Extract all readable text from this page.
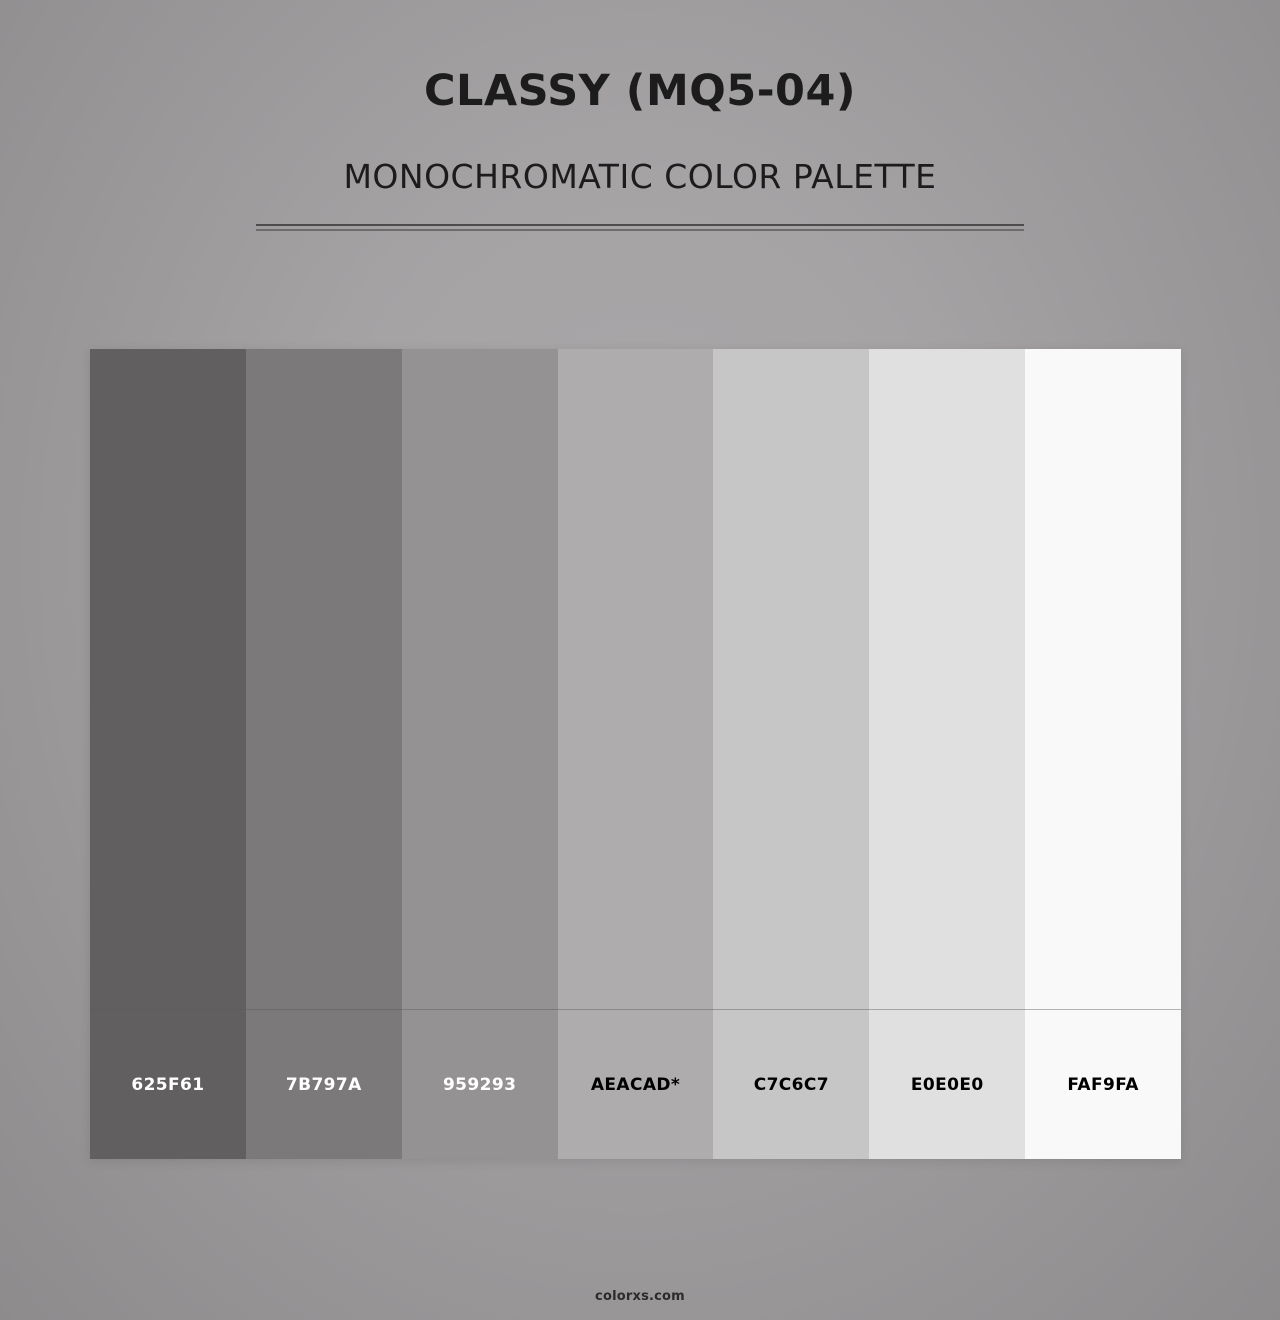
CLASSY (MQ5-04)
MONOCHROMATIC COLOR PALETTE
625F61	7B797A	959293	AEACAD*	C7C6C7	E0E0E0	FAF9FA
colorxs.com
